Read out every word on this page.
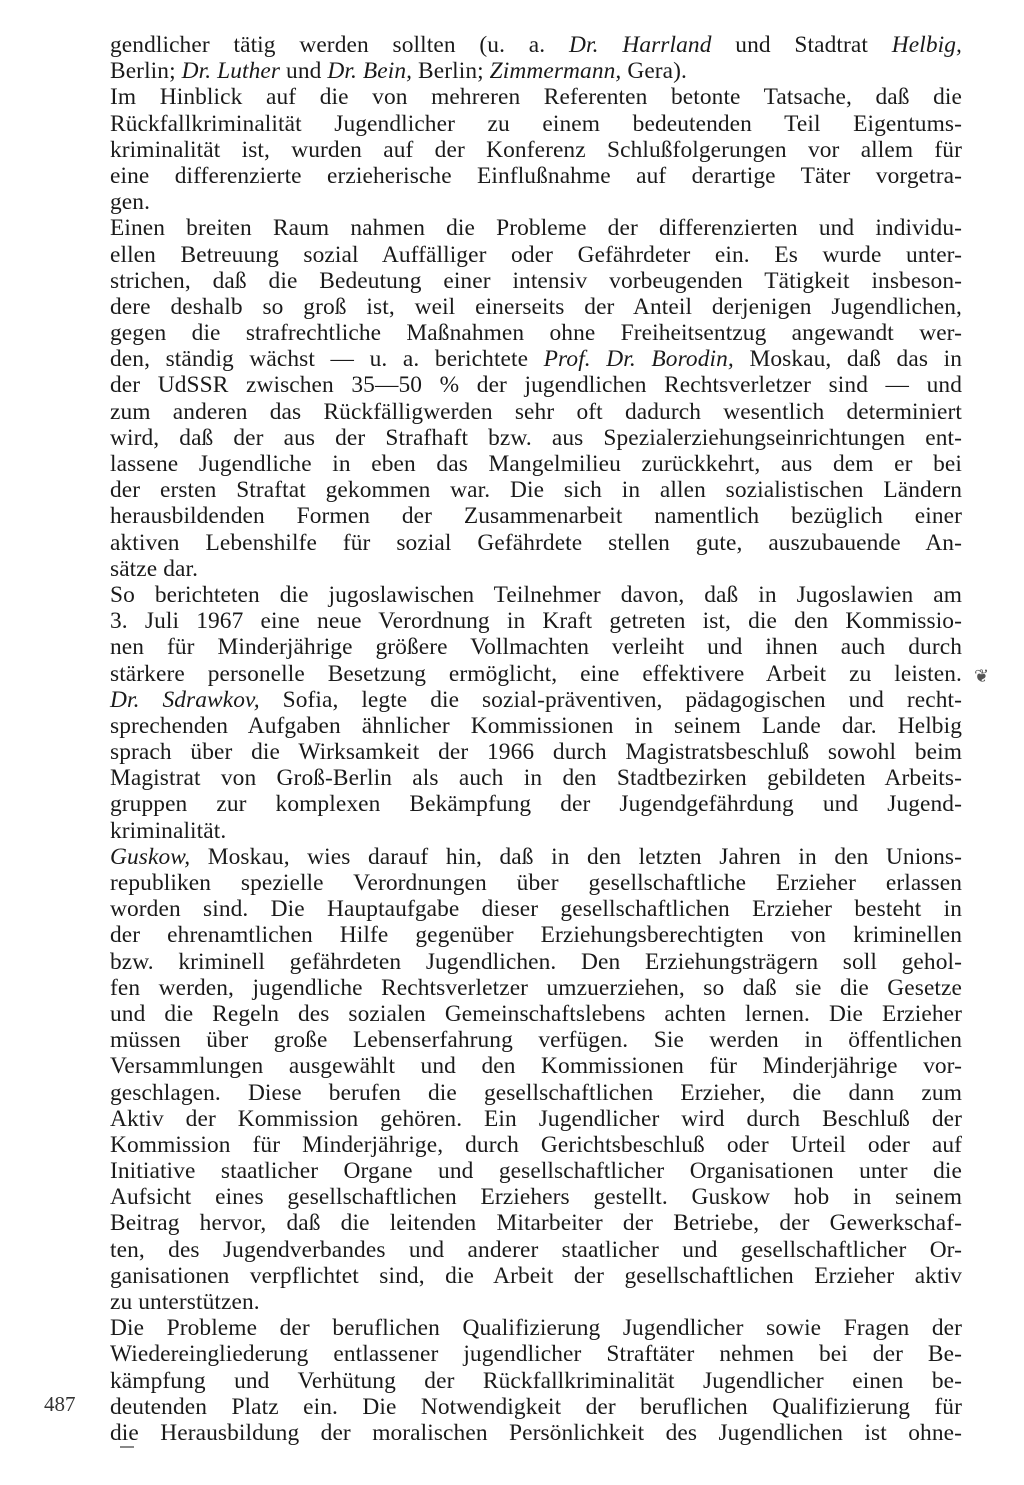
gendlicher tätig werden sollten (u. a. Dr. Harrland und Stadtrat Helbig,
Berlin; Dr. Luther und Dr. Bein, Berlin; Zimmermann, Gera).
Im Hinblick auf die von mehreren Referenten betonte Tatsache, daß die
Rückfallkriminalität Jugendlicher zu einem bedeutenden Teil Eigentums-
kriminalität ist, wurden auf der Konferenz Schlußfolgerungen vor allem für
eine differenzierte erzieherische Einflußnahme auf derartige Täter vorgetra-
gen.
Einen breiten Raum nahmen die Probleme der differenzierten und individu-
ellen Betreuung sozial Auffälliger oder Gefährdeter ein. Es wurde unter-
strichen, daß die Bedeutung einer intensiv vorbeugenden Tätigkeit insbeson-
dere deshalb so groß ist, weil einerseits der Anteil derjenigen Jugendlichen,
gegen die strafrechtliche Maßnahmen ohne Freiheitsentzug angewandt wer-
den, ständig wächst — u. a. berichtete Prof. Dr. Borodin, Moskau, daß das in
der UdSSR zwischen 35—50 % der jugendlichen Rechtsverletzer sind — und
zum anderen das Rückfälligwerden sehr oft dadurch wesentlich determiniert
wird, daß der aus der Strafhaft bzw. aus Spezialerziehungseinrichtungen ent-
lassene Jugendliche in eben das Mangelmilieu zurückkehrt, aus dem er bei
der ersten Straftat gekommen war. Die sich in allen sozialistischen Ländern
herausbildenden Formen der Zusammenarbeit namentlich bezüglich einer
aktiven Lebenshilfe für sozial Gefährdete stellen gute, auszubauende An-
sätze dar.
So berichteten die jugoslawischen Teilnehmer davon, daß in Jugoslawien am
3. Juli 1967 eine neue Verordnung in Kraft getreten ist, die den Kommissio-
nen für Minderjährige größere Vollmachten verleiht und ihnen auch durch
stärkere personelle Besetzung ermöglicht, eine effektivere Arbeit zu leisten.
Dr. Sdrawkov, Sofia, legte die sozial-präventiven, pädagogischen und recht-
sprechenden Aufgaben ähnlicher Kommissionen in seinem Lande dar. Helbig
sprach über die Wirksamkeit der 1966 durch Magistratsbeschluß sowohl beim
Magistrat von Groß-Berlin als auch in den Stadtbezirken gebildeten Arbeits-
gruppen zur komplexen Bekämpfung der Jugendgefährdung und Jugend-
kriminalität.
Guskow, Moskau, wies darauf hin, daß in den letzten Jahren in den Unions-
republiken spezielle Verordnungen über gesellschaftliche Erzieher erlassen
worden sind. Die Hauptaufgabe dieser gesellschaftlichen Erzieher besteht in
der ehrenamtlichen Hilfe gegenüber Erziehungsberechtigten von kriminellen
bzw. kriminell gefährdeten Jugendlichen. Den Erziehungsträgern soll gehol-
fen werden, jugendliche Rechtsverletzer umzuerziehen, so daß sie die Gesetze
und die Regeln des sozialen Gemeinschaftslebens achten lernen. Die Erzieher
müssen über große Lebenserfahrung verfügen. Sie werden in öffentlichen
Versammlungen ausgewählt und den Kommissionen für Minderjährige vor-
geschlagen. Diese berufen die gesellschaftlichen Erzieher, die dann zum
Aktiv der Kommission gehören. Ein Jugendlicher wird durch Beschluß der
Kommission für Minderjährige, durch Gerichtsbeschluß oder Urteil oder auf
Initiative staatlicher Organe und gesellschaftlicher Organisationen unter die
Aufsicht eines gesellschaftlichen Erziehers gestellt. Guskow hob in seinem
Beitrag hervor, daß die leitenden Mitarbeiter der Betriebe, der Gewerkschaf-
ten, des Jugendverbandes und anderer staatlicher und gesellschaftlicher Or-
ganisationen verpflichtet sind, die Arbeit der gesellschaftlichen Erzieher aktiv
zu unterstützen.
Die Probleme der beruflichen Qualifizierung Jugendlicher sowie Fragen der
Wiedereingliederung entlassener jugendlicher Straftäter nehmen bei der Be-
kämpfung und Verhütung der Rückfallkriminalität Jugendlicher einen be-
deutenden Platz ein. Die Notwendigkeit der beruflichen Qualifizierung für
die Herausbildung der moralischen Persönlichkeit des Jugendlichen ist ohne-
487
❦
